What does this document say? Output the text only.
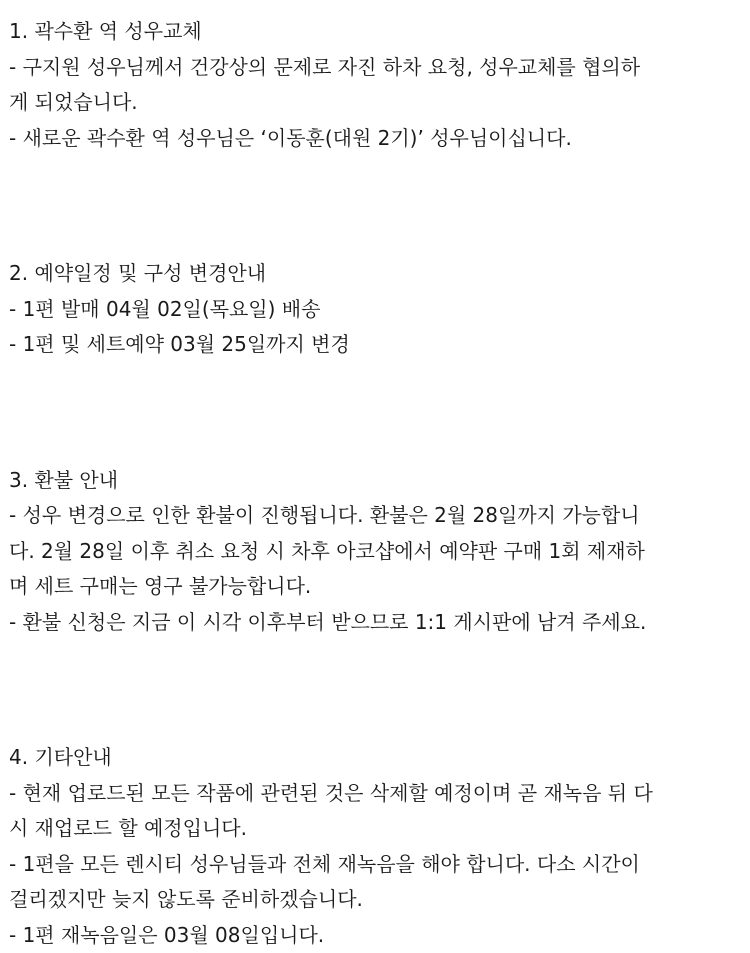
1. 곽수환 역 성우교체
- 구지원 성우님께서 건강상의 문제로 자진 하차 요청, 성우교체를 협의하
게 되었습니다.
- 새로운 곽수환 역 성우님은 ‘이동훈(대원 2기)’ 성우님이십니다.
2. 예약일정 및 구성 변경안내
- 1편 발매 04월 02일(목요일) 배송
- 1편 및 세트예약 03월 25일까지 변경
3. 환불 안내
- 성우 변경으로 인한 환불이 진행됩니다. 환불은 2월 28일까지 가능합니
다. 2월 28일 이후 취소 요청 시 차후 아코샵에서 예약판 구매 1회 제재하
며 세트 구매는 영구 불가능합니다.
- 환불 신청은 지금 이 시각 이후부터 받으므로 1:1 게시판에 남겨 주세요.
4. 기타안내
- 현재 업로드된 모든 작품에 관련된 것은 삭제할 예정이며 곧 재녹음 뒤 다
시 재업로드 할 예정입니다.
- 1편을 모든 렌시티 성우님들과 전체 재녹음을 해야 합니다. 다소 시간이
걸리겠지만 늦지 않도록 준비하겠습니다.
- 1편 재녹음일은 03월 08일입니다.
